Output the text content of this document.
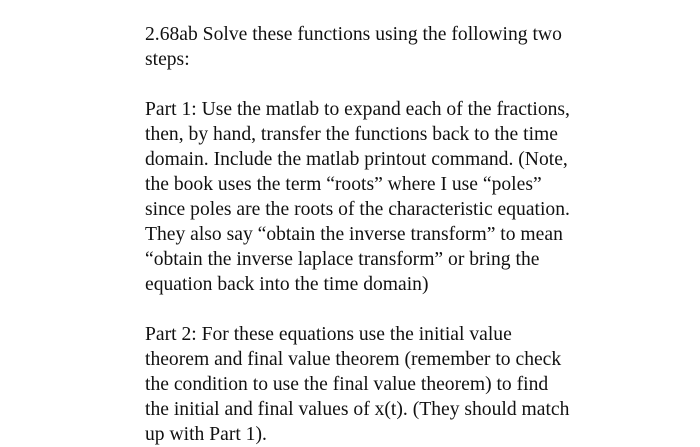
2.68ab Solve these functions using the following two
steps:
Part 1: Use the matlab to expand each of the fractions,
then, by hand, transfer the functions back to the time
domain. Include the matlab printout command. (Note,
the book uses the term “roots” where I use “poles”
since poles are the roots of the characteristic equation.
They also say “obtain the inverse transform” to mean
“obtain the inverse laplace transform” or bring the
equation back into the time domain)
Part 2: For these equations use the initial value
theorem and final value theorem (remember to check
the condition to use the final value theorem) to find
the initial and final values of x(t). (They should match
up with Part 1).
